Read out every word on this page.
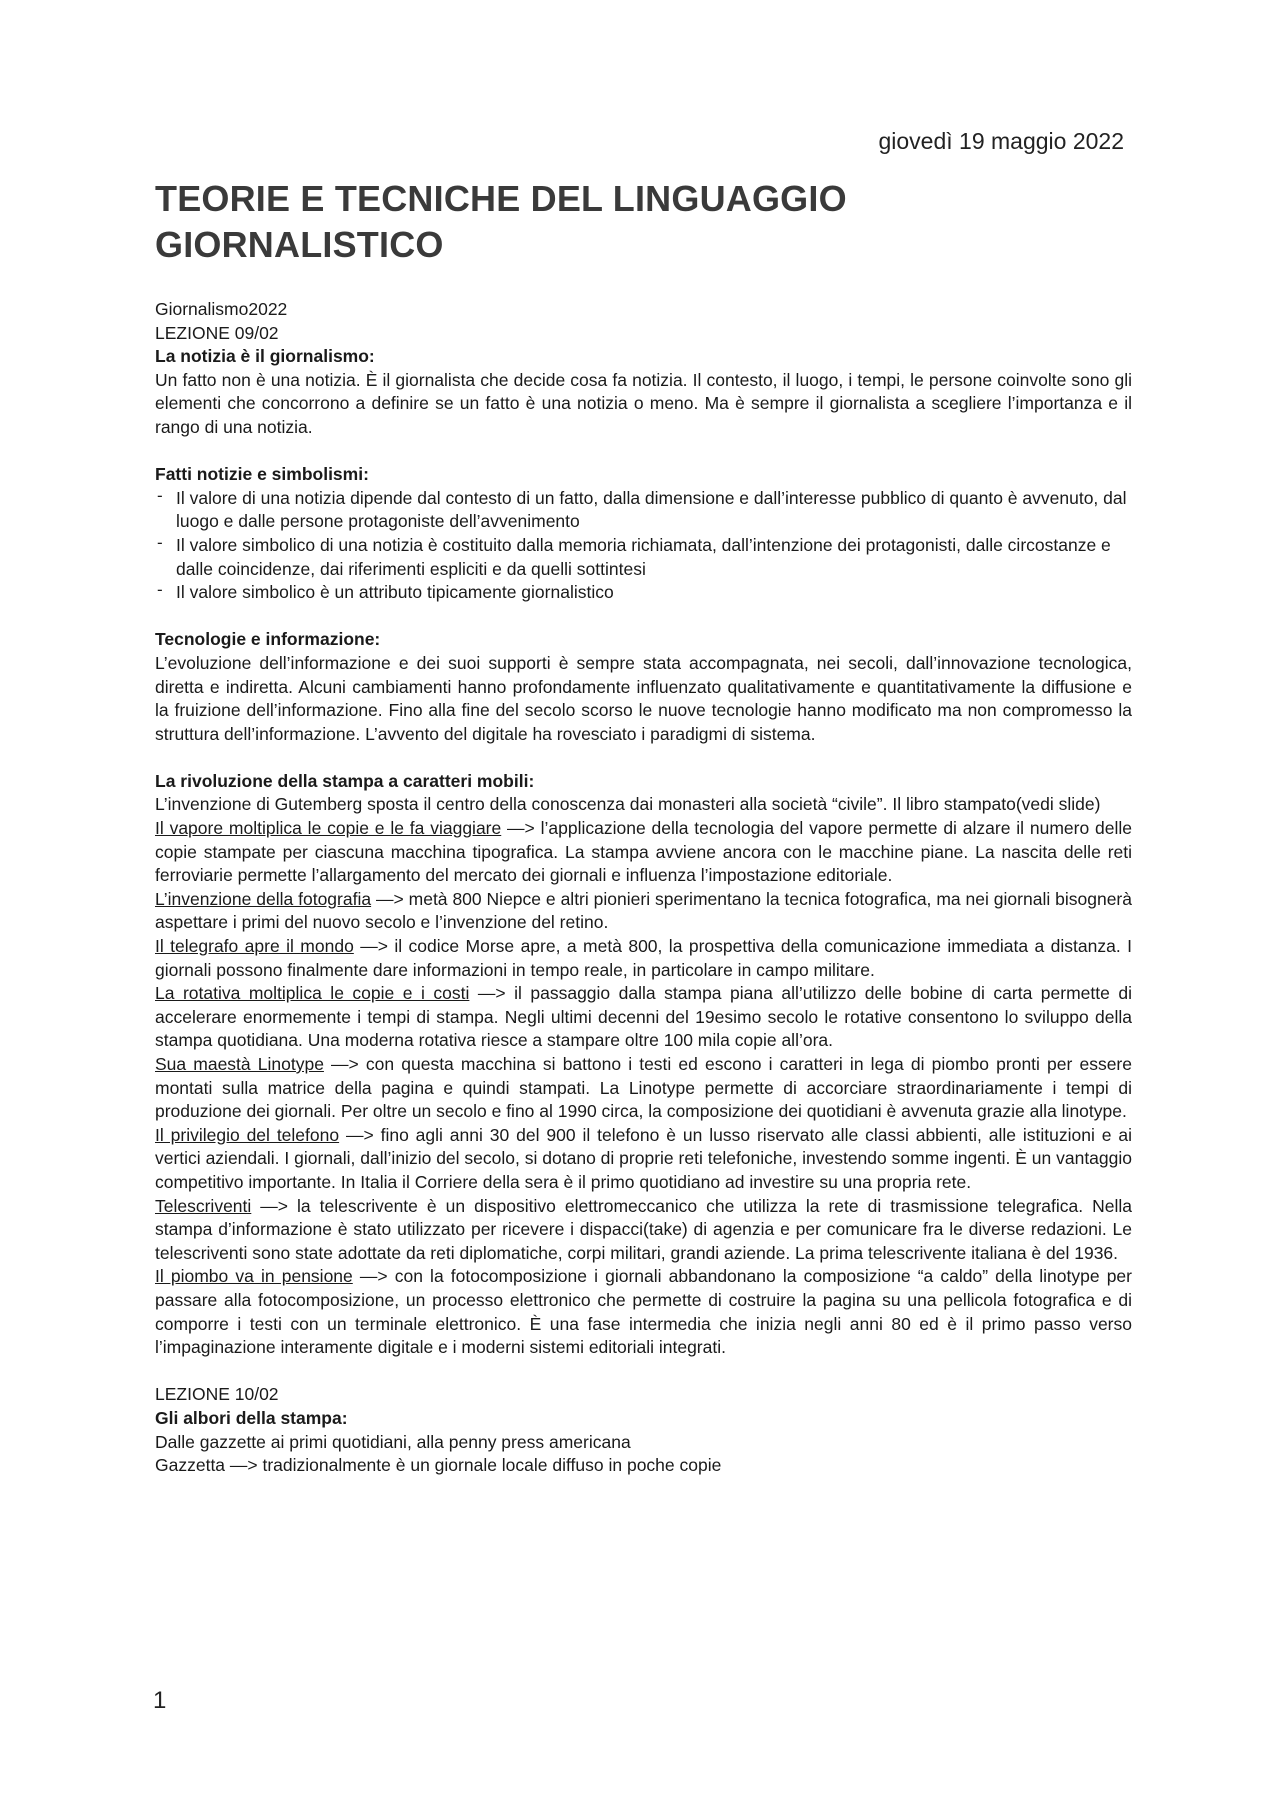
giovedì 19 maggio 2022
TEORIE E TECNICHE DEL LINGUAGGIO
GIORNALISTICO
Giornalismo2022
LEZIONE 09/02
La notizia è il giornalismo:

Un fatto non è una notizia. È il giornalista che decide cosa fa notizia. Il contesto, il luogo, i tempi, le persone coinvolte sono gli elementi che concorrono a definire se un fatto è una notizia o meno. Ma è sempre il giornalista a scegliere l’importanza e il rango di una notizia.

Fatti notizie e simbolismi:
- Il valore di una notizia dipende dal contesto di un fatto, dalla dimensione e dall’interesse pubblico di quanto è avvenuto, dal luogo e dalle persone protagoniste dell’avvenimento
- Il valore simbolico di una notizia è costituito dalla memoria richiamata, dall’intenzione dei protagonisti, dalle circostanze e dalle coincidenze, dai riferimenti espliciti e da quelli sottintesi
- Il valore simbolico è un attributo tipicamente giornalistico
Tecnologie e informazione:

L’evoluzione dell’informazione e dei suoi supporti è sempre stata accompagnata, nei secoli, dall’innovazione tecnologica, diretta e indiretta. Alcuni cambiamenti hanno profondamente influenzato qualitativamente e quantitativamente la diffusione e la fruizione dell’informazione. Fino alla fine del secolo scorso le nuove tecnologie hanno modificato ma non compromesso la struttura dell’informazione. L’avvento del digitale ha rovesciato i paradigmi di sistema.

La rivoluzione della stampa a caratteri mobili:

L’invenzione di Gutemberg sposta il centro della conoscenza dai monasteri alla società “civile”. Il libro stampato(vedi slide)

Il vapore moltiplica le copie e le fa viaggiare —> l’applicazione della tecnologia del vapore permette di alzare il numero delle copie stampate per ciascuna macchina tipografica. La stampa avviene ancora con le macchine piane. La nascita delle reti ferroviarie permette l’allargamento del mercato dei giornali e influenza l’impostazione editoriale.

L’invenzione della fotografia —> metà 800 Niepce e altri pionieri sperimentano la tecnica fotografica, ma nei giornali bisognerà aspettare i primi del nuovo secolo e l’invenzione del retino.

Il telegrafo apre il mondo —> il codice Morse apre, a metà 800, la prospettiva della comunicazione immediata a distanza. I giornali possono finalmente dare informazioni in tempo reale, in particolare in campo militare.

La rotativa moltiplica le copie e i costi —> il passaggio dalla stampa piana all’utilizzo delle bobine di carta permette di accelerare enormemente i tempi di stampa. Negli ultimi decenni del 19esimo secolo le rotative consentono lo sviluppo della stampa quotidiana. Una moderna rotativa riesce a stampare oltre 100 mila copie all’ora.

Sua maestà Linotype —> con questa macchina si battono i testi ed escono i caratteri in lega di piombo pronti per essere montati sulla matrice della pagina e quindi stampati. La Linotype permette di accorciare straordinariamente i tempi di produzione dei giornali. Per oltre un secolo e fino al 1990 circa, la composizione dei quotidiani è avvenuta grazie alla linotype.

Il privilegio del telefono —> fino agli anni 30 del 900 il telefono è un lusso riservato alle classi abbienti, alle istituzioni e ai vertici aziendali. I giornali, dall’inizio del secolo, si dotano di proprie reti telefoniche, investendo somme ingenti. È un vantaggio competitivo importante. In Italia il Corriere della sera è il primo quotidiano ad investire su una propria rete.

Telescriventi —> la telescrivente è un dispositivo elettromeccanico che utilizza la rete di trasmissione telegrafica. Nella stampa d’informazione è stato utilizzato per ricevere i dispacci(take) di agenzia e per comunicare fra le diverse redazioni. Le telescriventi sono state adottate da reti diplomatiche, corpi militari, grandi aziende. La prima telescrivente italiana è del 1936.

Il piombo va in pensione —> con la fotocomposizione i giornali abbandonano la composizione “a caldo” della linotype per passare alla fotocomposizione, un processo elettronico che permette di costruire la pagina su una pellicola fotografica e di comporre i testi con un terminale elettronico. È una fase intermedia che inizia negli anni 80 ed è il primo passo verso l’impaginazione interamente digitale e i moderni sistemi editoriali integrati.

LEZIONE 10/02
Gli albori della stampa:
Dalle gazzette ai primi quotidiani, alla penny press americana
Gazzetta —> tradizionalmente è un giornale locale diffuso in poche copie
1
